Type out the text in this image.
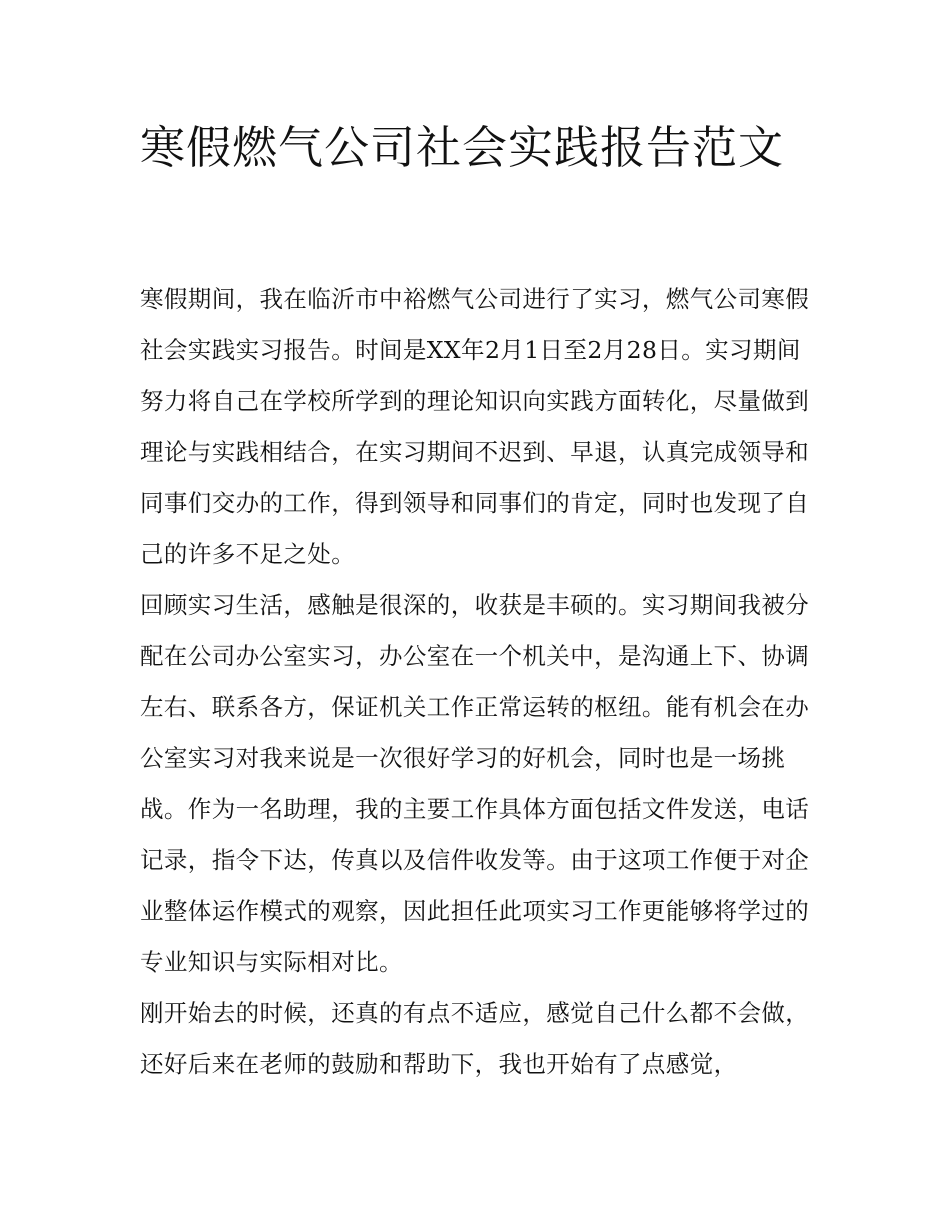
寒假燃气公司社会实践报告范文

寒假期间，我在临沂市中裕燃气公司进行了实习，燃气公司寒假社会实践实习报告。时间是XX年2月1日至2月28日。实习期间努力将自己在学校所学到的理论知识向实践方面转化，尽量做到理论与实践相结合，在实习期间不迟到、早退，认真完成领导和同事们交办的工作，得到领导和同事们的肯定，同时也发现了自己的许多不足之处。

回顾实习生活，感触是很深的，收获是丰硕的。实习期间我被分配在公司办公室实习，办公室在一个机关中，是沟通上下、协调左右、联系各方，保证机关工作正常运转的枢纽。能有机会在办公室实习对我来说是一次很好学习的好机会，同时也是一场挑战。作为一名助理，我的主要工作具体方面包括文件发送，电话记录，指令下达，传真以及信件收发等。由于这项工作便于对企业整体运作模式的观察，因此担任此项实习工作更能够将学过的专业知识与实际相对比。

刚开始去的时候，还真的有点不适应，感觉自己什么都不会做，还好后来在老师的鼓励和帮助下，我也开始有了点感觉，
